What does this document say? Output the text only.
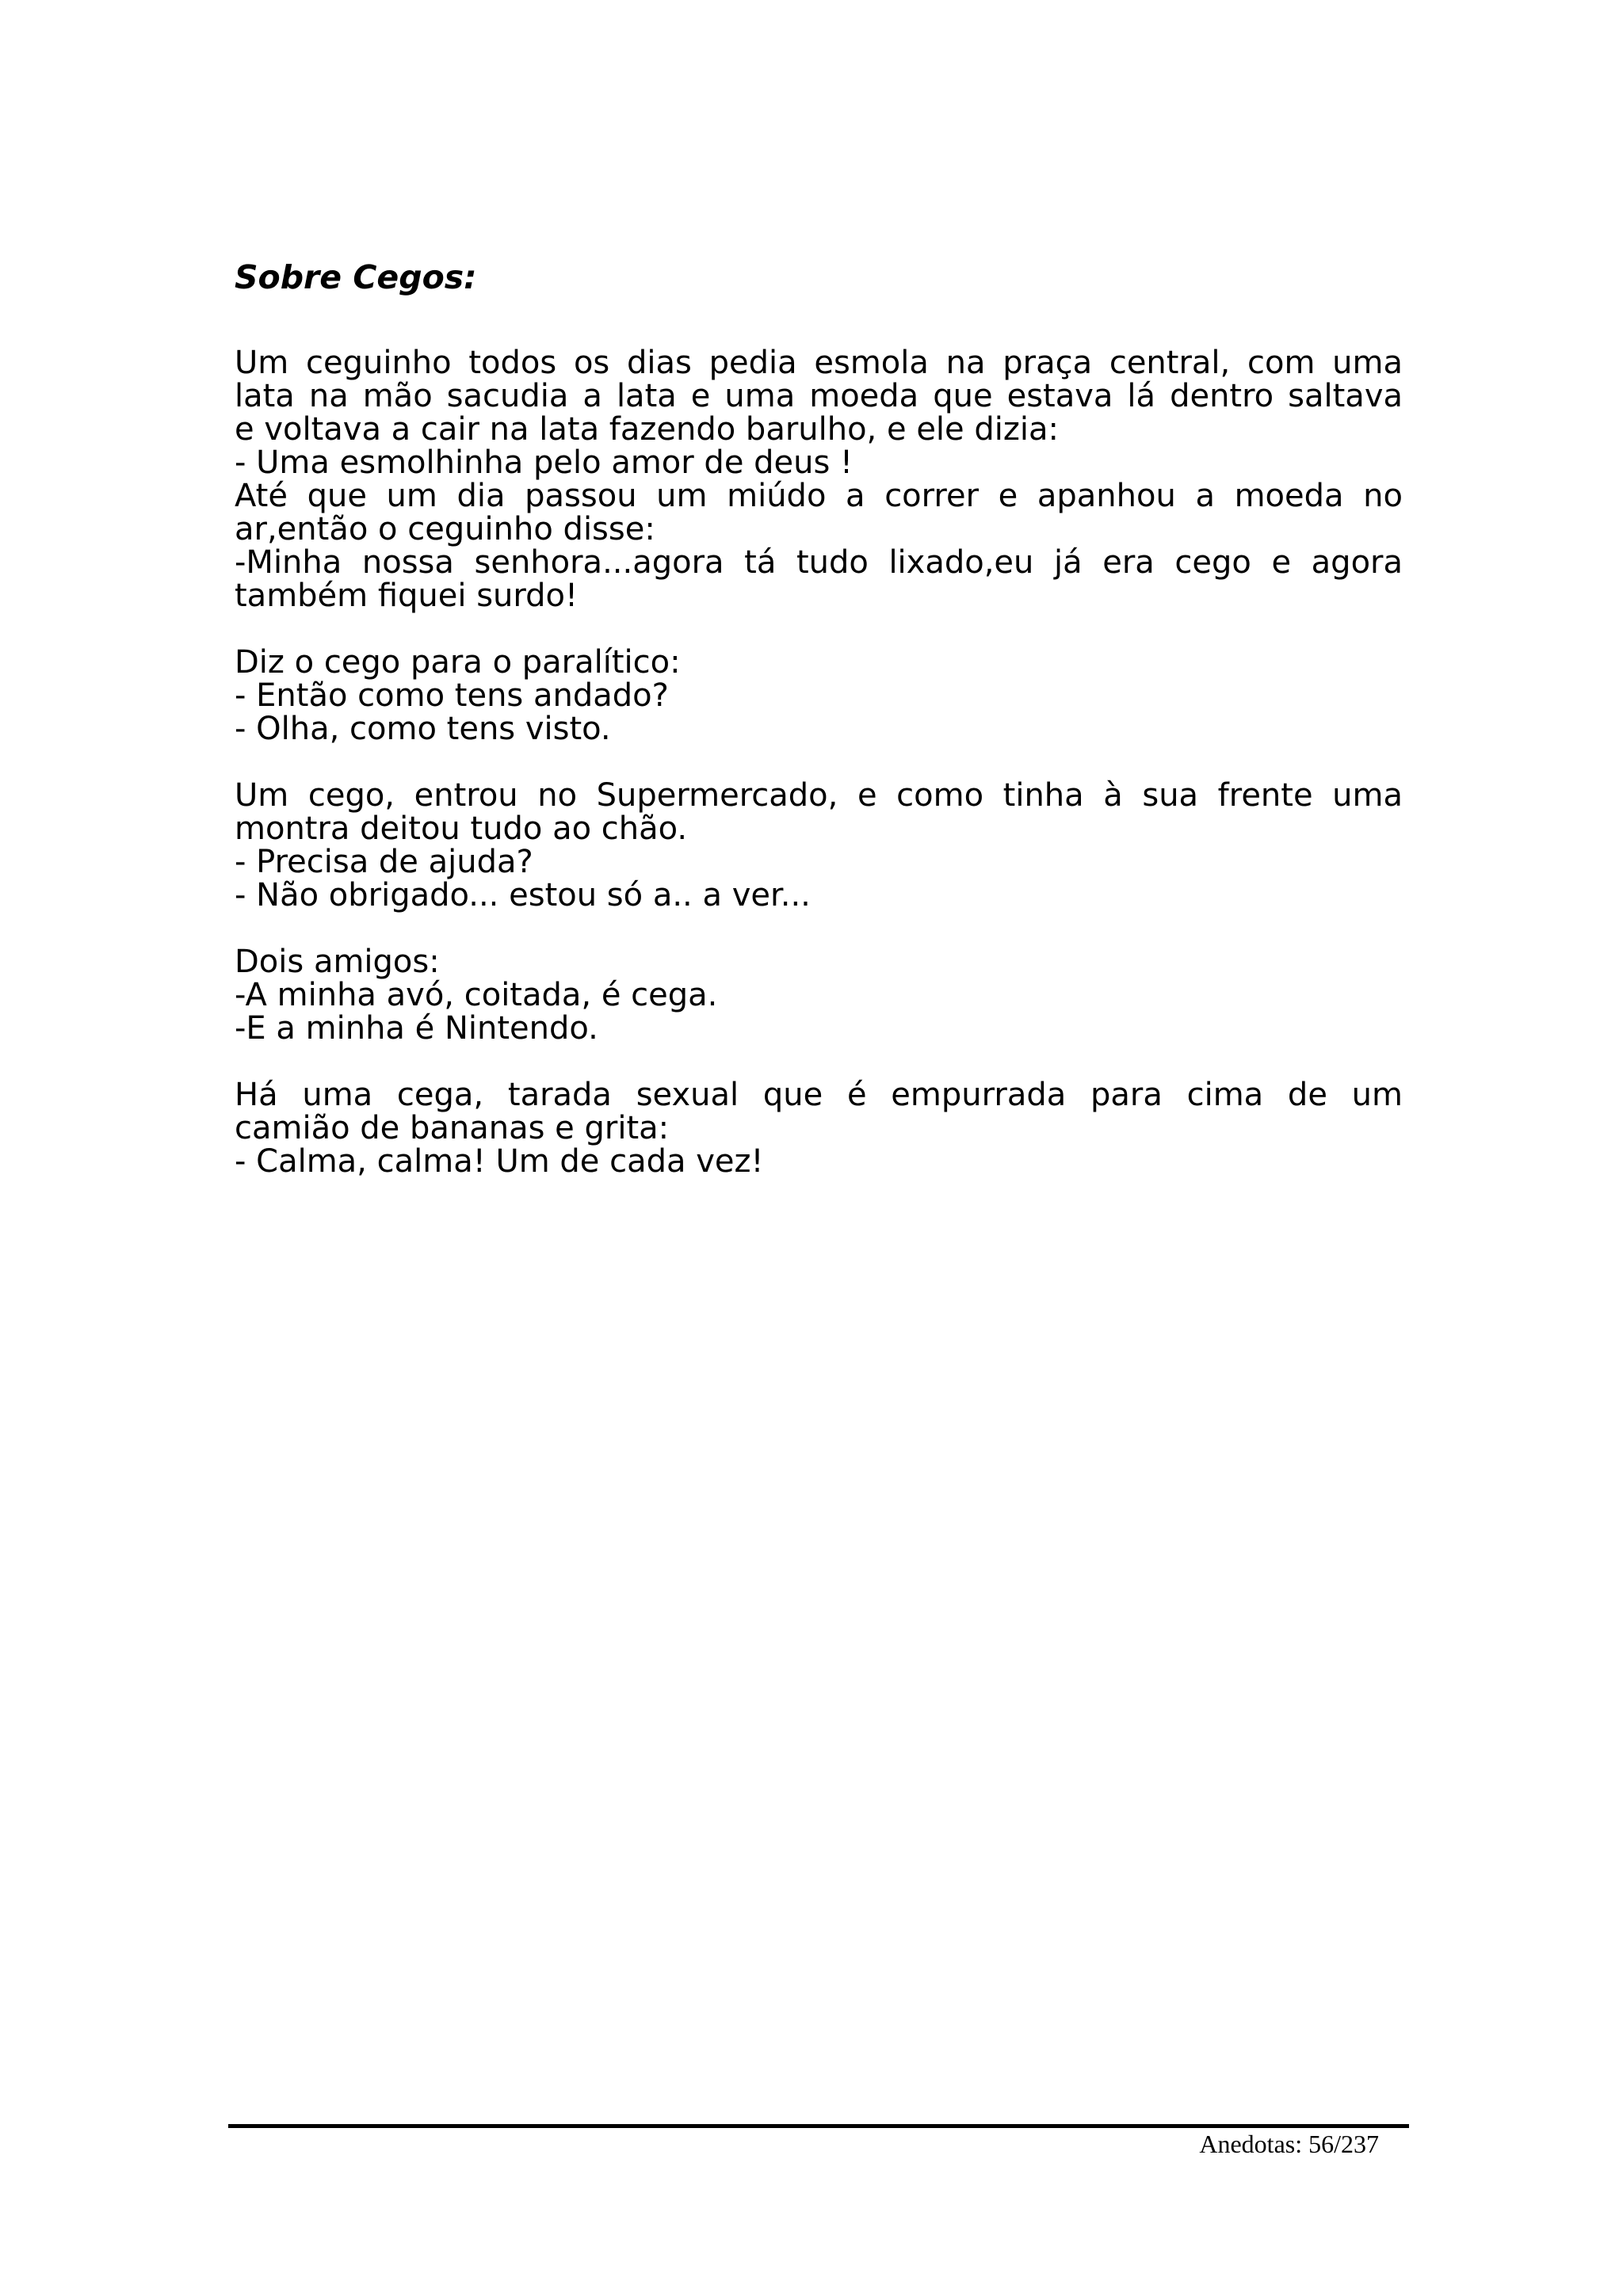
Sobre Cegos:
Um ceguinho todos os dias pedia esmola na praça central, com uma
lata na mão sacudia a lata e uma moeda que estava lá dentro saltava
e voltava a cair na lata fazendo barulho, e ele dizia:
- Uma esmolhinha pelo amor de deus !
Até que um dia passou um miúdo a correr e apanhou a moeda no
ar,então o ceguinho disse:
-Minha nossa senhora...agora tá tudo lixado,eu já era cego e agora
também fiquei surdo!
Diz o cego para o paralítico:
- Então como tens andado?
- Olha, como tens visto.
Um cego, entrou no Supermercado, e como tinha à sua frente uma
montra deitou tudo ao chão.
- Precisa de ajuda?
- Não obrigado... estou só a.. a ver...
Dois amigos:
-A minha avó, coitada, é cega.
-E a minha é Nintendo.
Há uma cega, tarada sexual que é empurrada para cima de um
camião de bananas e grita:
- Calma, calma! Um de cada vez!
Anedotas: 56/237
